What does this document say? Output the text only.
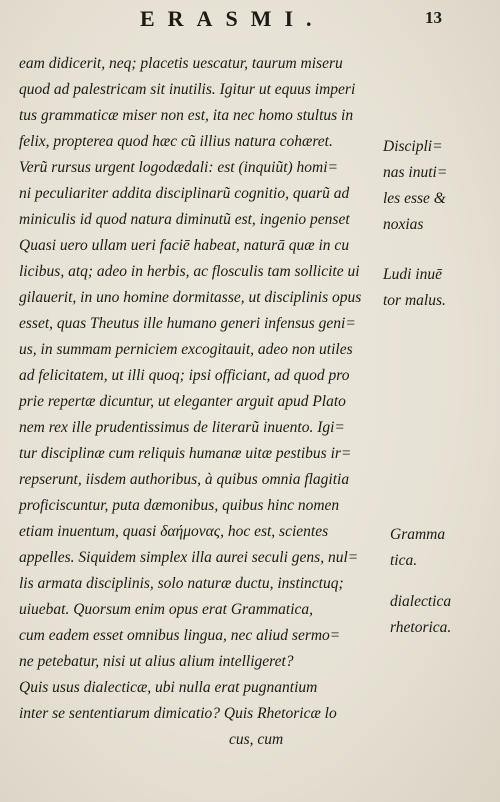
ERASMI.	13
eam didicerit, neq; placetis uescatur, taurum miseru
quod ad palestricam sit inutilis. Igitur ut equus imperi
tus grammaticæ miser non est, ita nec homo stultus in
felix, propterea quod hæc cũ illius natura cohæret.
Verũ rursus urgent logodædali: est (inquiũt) homi=
ni peculiariter addita disciplinarũ cognitio, quarũ ad
miniculis id quod natura diminutũ est, ingenio penset
Quasi uero ullam ueri faciē habeat, naturā quæ in cu
licibus, atq; adeo in herbis, ac flosculis tam sollicite ui
gilauerit, in uno homine dormitasse, ut disciplinis opus
esset, quas Theutus ille humano generi infensus geni=
us, in summam perniciem excogitauit, adeo non utiles
ad felicitatem, ut illi quoq; ipsi officiant, ad quod pro
prie repertæ dicuntur, ut eleganter arguit apud Plato
nem rex ille prudentissimus de literarũ inuento. Igi=
tur disciplinæ cum reliquis humanæ uitæ pestibus ir=
repserunt, iisdem authoribus, à quibus omnia flagitia
proficiscuntur, puta dæmonibus, quibus hinc nomen
etiam inuentum, quasi δαήμονας, hoc est, scientes
appelles. Siquidem simplex illa aurei seculi gens, nul=
lis armata disciplinis, solo naturæ ductu, instinctuq;
uiuebat. Quorsum enim opus erat Grammatica,
cum eadem esset omnibus lingua, nec aliud sermo=
ne petebatur, nisi ut alius alium intelligeret?
Quis usus dialecticæ, ubi nulla erat pugnantium
inter se sententiarum dimicatio? Quis Rhetoricæ lo
cus, cum
Discipli=
nas inuti=
les esse &
noxias
Ludi inuē
tor malus.
Gramma
tica.
dialectica
rhetorica.
